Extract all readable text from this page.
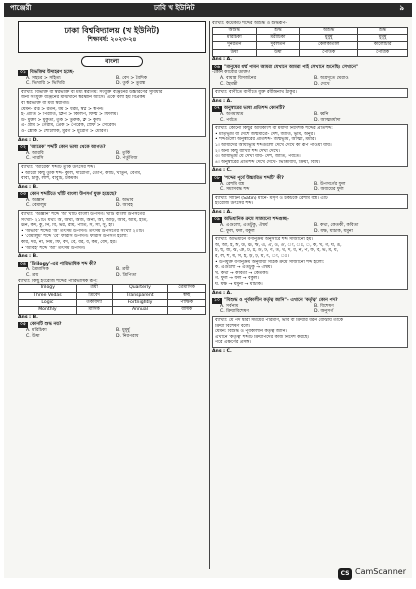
পাঞ্জেরী	ঢাবি খ ইউনিট	৯
ঢাকা বিশ্ববিদ্যালয় (খ ইউনিট)
শিক্ষাবর্ষ: ২০২৩-২৪
বাংলা
০১ বিভক্তির উদাহরণ হচ্ছে-
A. সহচর > সহিত্য	B. বেদ > বৈদিক
C. ভিখারি > ভিখিরি	D. তুর্ক > তুরস্ক
ব্যাখ্যা: বিভক্তি বা স্বরভক্তি বা মধ্য স্বরাগম: সংযুক্ত ব্যঞ্জনের উচ্চারণের সুবিধার
জন্য সংযুক্ত ব্যঞ্জনের মাঝখানে স্বরধ্বনি আসে। একে বলা হয় বিপ্রকর্ষ
বা স্বরভক্তি বা মধ্য স্বরাগম।
যেমন- রত্ন > রতন, ধর্ম > ধরম, স্বপ্ন > স্বপন।
ই- প্রীতি > পিরীতি, ক্লিপ > কিলিপ, ফিল্ম > ফিলিম।
উ- মুক্তা > মুকুতা, তুর্ক > তুরুক, ক্ল > কুল।
এ- গ্রাম > গেরাম, প্রেক > পেরেক, স্রেফ > সেরেফ।
ও- শ্লোক > শোলোক, মুরগ > মুরোগ > মোরগ।
Ans : D.
০২ 'আরেক' শব্দটি কোন ভাষা থেকে আগত?
A. আরবি	B. তুর্কি
C. পারসি	D. পর্তুগিজ
ব্যাখ্যা: 'আরেক' শব্দটি তুর্কি উৎসের শব্দ।
• আরো কিছু তুর্কি শব্দ- কুলি, দারোগা, তোপ, কাঁচি, খাতুন, বেগম,
বাবা, চাকু, লাশ, বাবুর্চি, চকমক।
Ans : B.
০৩ কোন শব্দটিতে খাঁটি বাংলা উপসর্গ যুক্ত হয়েছে?
A. অজ্ঞান	B. অভাব
C. বেমালুম	D. আবহ
ব্যাখ্যা: 'অজ্ঞান' শব্দে 'অ' খাঁটি বাংলা উপসর্গ। খাঁটি বাংলা উপসর্গের
সংখ্যা- ২১টি। যথা: অ, অঘা, অজ, অনা, আ, আড়, আব, আম, ইতি,
ঊন, কদ, কু, নি, বি, ভর, রাম, পাতি, স, সা, সু, হা।
• 'অভাব' শব্দের 'অ' তৎসম উপসর্গ। তৎসম উপসর্গের সংখ্যা ২০টি।
• 'বেমালুম' শব্দে 'বে' ফারসি উপসর্গ। ফারসি উপসর্গ হলো:
কার, দর, না, নিম, ফি, বদ, বে, বর, ব, কম, বেদ, হর।
• 'আবহ' শব্দে 'আ' তৎসম উপসর্গ।
Ans : B.
০৪ 'Trilogy'-এর পারিভাষিক শব্দ কী?
A. ত্রৈমাসিক	B. ত্রয়ী
C. ত্রয়	D. ত্রিপিতা
ব্যাখ্যা: কিছু ইংরেজি শব্দের পারিভাষিক রূপ:
Trilogy	ত্রয়ী	Quarterly	ত্রৈমাসিক
Three Vedas	ত্রিবেদ	Transparent	স্বচ্ছ
Logic	তর্কবিদ্যা	Fortnightly	পাক্ষিক
Monthly	মাসিক	Annual	বার্ষিক
Ans : B.
০৫ কোনটি শুদ্ধ নয়?
A. মরিচিকা	B. মুমূর্ষু
C. উষা	D. নিরপরাধ
ব্যাখ্যা: কয়েকটি শব্দের অশুদ্ধ ও শুদ্ধরূপ-
অশুদ্ধ	শুদ্ধ	অশুদ্ধ	শুদ্ধ
মরিচিকা	মরীচিকা	মুমুর্ষু	মুমূর্ষু
দুনরতন	দুর্বলতন	কেলকাতাল	কালোচার
উষা	উষা	পৈতিক	পৈত্রিক
Ans : A.
০৬ "মানুষের ধর্ম্ম পাবন আমরা যেখানে আমরা পাই সেখানে শুনেছি। সেখানে"
-কোন কাব্যের উক্তি?
A. বায়ান্ন বিসর্জনের	B. অগ্রদূতে ঘেরাও
C. হৈমন্তী	D. দেখে
ব্যাখ্যা: বাণীতে বাণীতে যুক্ত রবীন্দ্রনাথ ঠাকুর।
Ans : A.
০৭ অনুস্বারের ভাষা প্রতিশব্দ কোনটি?
A. অগমাধ্যম	B. ধ্বনি
C. পর্বতে	D. আত্মমর্যাদা
ব্যাখ্যা: কোনো কিছুর অধিকাংশ বা মর্যাদা নির্দেশক শব্দের প্রতিশব্দ:
• মাতৃভূমি বা দেশে জন্মমাত্রে- দেশ, জাতি, ভূমি, অনুর।
• শব্দগুলো অনুস্বারের প্রতিশব্দ- জন্মভূমি, আত্মা, মর্মার।
১। আর্য্যদের আর্য্যভূমি শব্দগুলো দেখে দেখে কী রূপ পাওয়া যায়।
২। অন্য কিছু ব্যাখ্যা শব্দ দেখা দেখে।
৩। আর্য্যভূমি যে দেখা যায়- দেশ, জাতি, পর্বতে।
৪। অনুস্বারের প্রতিশব্দ দেখে দেখে- ভিত্তিবিধি, ক্রিয়া, বিধি।
Ans : C.
০৮ 'শব্দের পূর্বে উচ্চারিত শব্দটি' কী?
A. রেশমি বস্ত্র	B. উপসর্গের ফুল
C. সমাসবদ্ধ শব্দ	D. অব্যয়ের ফুল
ব্যাখ্যা: সাটিন (Satin) মানে- মসৃণ ও চকচকে রেশমি বস্ত্র। এটি
ইংরেজি উৎসের শব্দ।
Ans : A.
০৯ অভিধানিক ক্রমে সাজানো শব্দগুচ্ছ-
A. এগুলো, এতটুকু, ঐশ্বর্য	B. কথা, কেতকী, কবিতা
C. ফুল, ফল, বকুল	D. যক্ষ, যাচাক, যমুনা
ব্যাখ্যা: অভিধানে বর্ণানুক্রম অনুসারে শব্দ সাজানো হয়।
অ, আ, ই, ঈ, উ, ঊ, ঋ, এ, ঐ, ও, ঔ, ং, ঃ, ঁ, ক, খ, গ, ঘ, ঙ,
চ, ছ, জ, ঝ, ঞ, ট, ঠ, ড, ঢ, ণ, ত, থ, দ, ধ, ন, প, ফ, ব, ভ, ম, য,
র, ল, শ, ষ, স, হ, ড়, ঢ়, য়, ৎ, ং, ঃ।
• উপর্যুক্ত বর্ণানুক্রম অনুযায়ী সঠিক ক্রমে সাজানো শব্দ হলো:
ক. এগুলো → এতটুকু → ঐশ্বর্য।
খ. কথা → কবিতা → কেতকী।
গ. ফুল → ফল → বকুল।
ঘ. যক্ষ → যমুনা → যাচাক।
Ans : A.
১০ "বিশুদ্ধ ও পূর্বকালীন কর্তৃত্ব জানি"- এখানে 'কর্তৃত্ব' কোন পদ?
A. সর্বনাম	B. বিশেষণ
C. ক্রিয়াবিশেষণ	D. অনুসর্গ
ব্যাখ্যা: যে পদ দ্বারা সময়ের পরিমাণ, ভাব বা ক্রিয়ার ধরন বোঝায় তাকে
ক্রিয়া বিশেষণ বলে।
যেমন: বিশুদ্ধ ও পূর্বকালীন কর্তৃত্ব জানি।
এখানে 'কর্তৃত্ব' শব্দটি ক্রিয়াপদের কাজ নির্দেশ করছে।
পরে এক্ষণের প্রসঙ্গ।
Ans : C.
CS CamScanner
